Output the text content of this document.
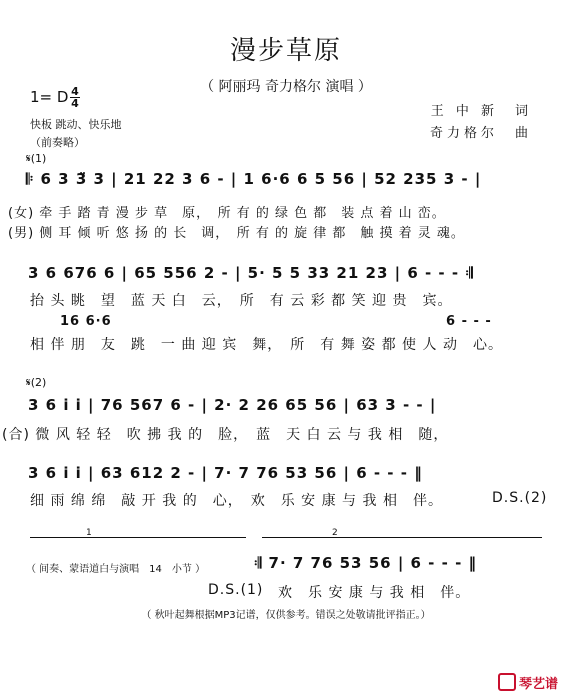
漫步草原
（ 阿丽玛 奇力格尔 演唱 ）
1= D 4
4
快板 跳动、快乐地
（前奏略）
王 中 新　词
奇力格尔　曲
𝄋(1)
𝄆 6 3 3̈ 3 | 21 22 3 6 - | 1 6·6 6 5 56 | 52 235 3 - |
(女) 牵 手 踏 青 漫 步 草　原，　所 有 的 绿 色 都　装 点 着 山 峦。
(男) 侧 耳 倾 听 悠 扬 的 长　调，　所 有 的 旋 律 都　触 摸 着 灵 魂。
3 6 676 6 | 65 556 2 - | 5· 5 5 33 21 23 | 6 - - - 𝄇
抬 头 眺　望　蓝 天 白　云，　所　有 云 彩 都 笑 迎 贵　宾。
16 6·6	6 - - -
相 伴 朋　友　跳　一 曲 迎 宾　舞，　所　有 舞 姿 都 使 人 动　心。
𝄋(2)
3 6 i i | 76 567 6 - | 2· 2 26 65 56 | 63 3 - - |
(合) 微 风 轻 轻　吹 拂 我 的　脸，　蓝　天 白 云 与 我 相　随，
3 6 i i | 63 612 2 - | 7· 7 76 53 56 | 6 - - - ‖
细 雨 绵 绵　敲 开 我 的　心，　欢　乐 安 康 与 我 相　伴。	D.S.(2)
1	2
（ 间奏、蒙语道白与演唱　14　小节 ）	𝄇 7· 7 76 53 56 | 6 - - - ‖
D.S.(1) 欢　乐 安 康 与 我 相　伴。
（ 秋叶起舞根据MP3记谱，仅供参考。错误之处敬请批评指正。）
琴艺谱
